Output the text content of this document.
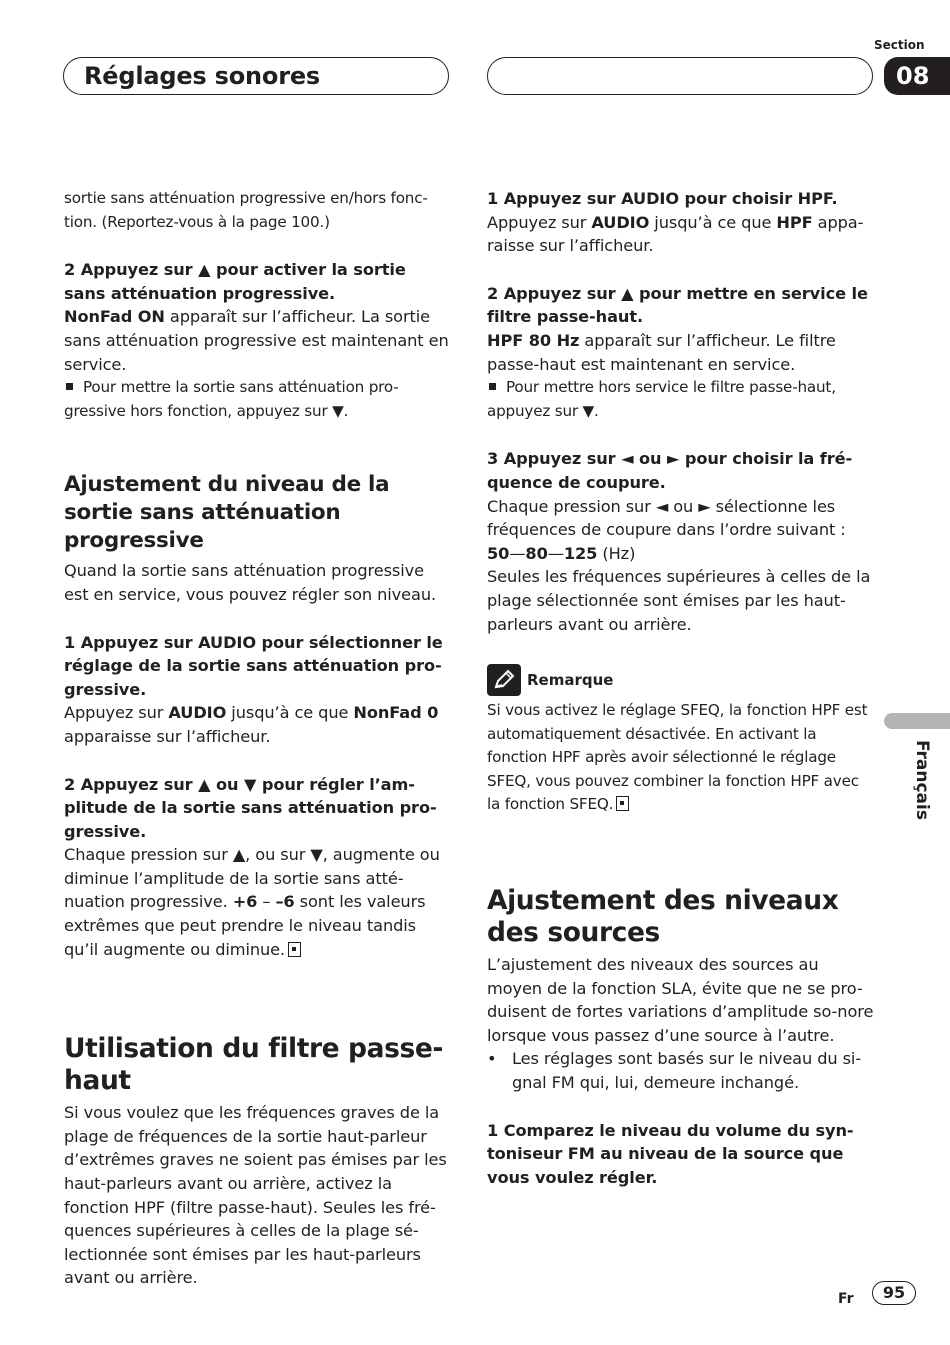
Réglages sonores
Section
08
Français

sortie sans atténuation progressive en/hors fonc-tion. (Reportez-vous à la page 100.)

2 Appuyez sur ▲ pour activer la sortie sans atténuation progressive.

NonFad ON apparaît sur l’afficheur. La sortie sans atténuation progressive est maintenant en service.

Pour mettre la sortie sans atténuation pro-gressive hors fonction, appuyez sur ▼.

Ajustement du niveau de la sortie sans atténuation progressive

Quand la sortie sans atténuation progressive est en service, vous pouvez régler son niveau.

1 Appuyez sur AUDIO pour sélectionner le réglage de la sortie sans atténuation pro-gressive.

Appuyez sur AUDIO jusqu’à ce que NonFad 0 apparaisse sur l’afficheur.

2 Appuyez sur ▲ ou ▼ pour régler l’am-plitude de la sortie sans atténuation pro-gressive.

Chaque pression sur ▲, ou sur ▼, augmente ou diminue l’amplitude de la sortie sans atté-nuation progressive. +6 – –6 sont les valeurs extrêmes que peut prendre le niveau tandis qu’il augmente ou diminue.

Utilisation du filtre passe-haut

Si vous voulez que les fréquences graves de la plage de fréquences de la sortie haut-parleur d’extrêmes graves ne soient pas émises par les haut-parleurs avant ou arrière, activez la fonction HPF (filtre passe-haut). Seules les fré-quences supérieures à celles de la plage sé-lectionnée sont émises par les haut-parleurs avant ou arrière.

1 Appuyez sur AUDIO pour choisir HPF.

Appuyez sur AUDIO jusqu’à ce que HPF appa-raisse sur l’afficheur.

2 Appuyez sur ▲ pour mettre en service le filtre passe-haut.

HPF 80 Hz apparaît sur l’afficheur. Le filtre passe-haut est maintenant en service.

Pour mettre hors service le filtre passe-haut, appuyez sur ▼.

3 Appuyez sur ◄ ou ► pour choisir la fré-quence de coupure.

Chaque pression sur ◄ ou ► sélectionne les fréquences de coupure dans l’ordre suivant :

50—80—125 (Hz)

Seules les fréquences supérieures à celles de la plage sélectionnée sont émises par les haut-parleurs avant ou arrière.

Remarque

Si vous activez le réglage SFEQ, la fonction HPF est automatiquement désactivée. En activant la fonction HPF après avoir sélectionné le réglage SFEQ, vous pouvez combiner la fonction HPF avec la fonction SFEQ.

Ajustement des niveaux des sources

L’ajustement des niveaux des sources au moyen de la fonction SLA, évite que ne se pro-duisent de fortes variations d’amplitude so-nore lorsque vous passez d’une source à l’autre.

• Les réglages sont basés sur le niveau du si-gnal FM qui, lui, demeure inchangé.

1 Comparez le niveau du volume du syn-toniseur FM au niveau de la source que vous voulez régler.

Fr	95
